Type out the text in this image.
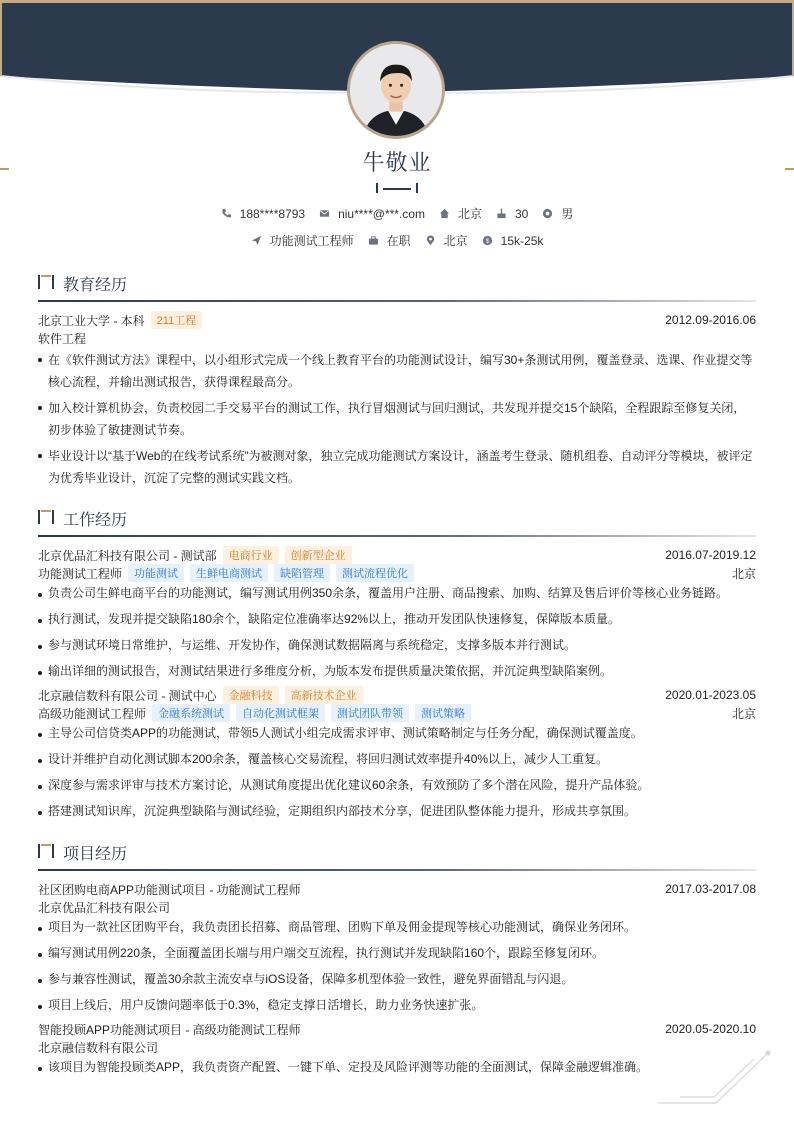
牛敬业
188****8793	niu****@***.com	北京	30	男
功能测试工程师	在职	北京	$ 15k-25k
教育经历
北京工业大学 - 本科	211工程	2012.09-2016.06
软件工程
在《软件测试方法》课程中，以小组形式完成一个线上教育平台的功能测试设计，编写30+条测试用例，覆盖登录、选课、作业提交等核心流程，并输出测试报告，获得课程最高分。
加入校计算机协会，负责校园二手交易平台的测试工作，执行冒烟测试与回归测试，共发现并提交15个缺陷，全程跟踪至修复关闭，初步体验了敏捷测试节奏。
毕业设计以“基于Web的在线考试系统”为被测对象，独立完成功能测试方案设计，涵盖考生登录、随机组卷、自动评分等模块，被评定为优秀毕业设计，沉淀了完整的测试实践文档。
工作经历
北京优品汇科技有限公司 - 测试部	电商行业	创新型企业	2016.07-2019.12
功能测试工程师	功能测试	生鲜电商测试	缺陷管理	测试流程优化	北京
负责公司生鲜电商平台的功能测试，编写测试用例350余条，覆盖用户注册、商品搜索、加购、结算及售后评价等核心业务链路。
执行测试，发现并提交缺陷180余个，缺陷定位准确率达92%以上，推动开发团队快速修复，保障版本质量。
参与测试环境日常维护，与运维、开发协作，确保测试数据隔离与系统稳定，支撑多版本并行测试。
输出详细的测试报告，对测试结果进行多维度分析，为版本发布提供质量决策依据，并沉淀典型缺陷案例。
北京融信数科有限公司 - 测试中心	金融科技	高新技术企业	2020.01-2023.05
高级功能测试工程师	金融系统测试	自动化测试框架	测试团队带领	测试策略	北京
主导公司信贷类APP的功能测试，带领5人测试小组完成需求评审、测试策略制定与任务分配，确保测试覆盖度。
设计并维护自动化测试脚本200余条，覆盖核心交易流程，将回归测试效率提升40%以上，减少人工重复。
深度参与需求评审与技术方案讨论，从测试角度提出优化建议60余条，有效预防了多个潜在风险，提升产品体验。
搭建测试知识库，沉淀典型缺陷与测试经验，定期组织内部技术分享，促进团队整体能力提升，形成共享氛围。
项目经历
社区团购电商APP功能测试项目 - 功能测试工程师	2017.03-2017.08
北京优品汇科技有限公司
项目为一款社区团购平台，我负责团长招募、商品管理、团购下单及佣金提现等核心功能测试，确保业务闭环。
编写测试用例220条，全面覆盖团长端与用户端交互流程，执行测试并发现缺陷160个，跟踪至修复闭环。
参与兼容性测试，覆盖30余款主流安卓与iOS设备，保障多机型体验一致性，避免界面错乱与闪退。
项目上线后，用户反馈问题率低于0.3%，稳定支撑日活增长，助力业务快速扩张。
智能投顾APP功能测试项目 - 高级功能测试工程师	2020.05-2020.10
北京融信数科有限公司
该项目为智能投顾类APP，我负责资产配置、一键下单、定投及风险评测等功能的全面测试，保障金融逻辑准确。
